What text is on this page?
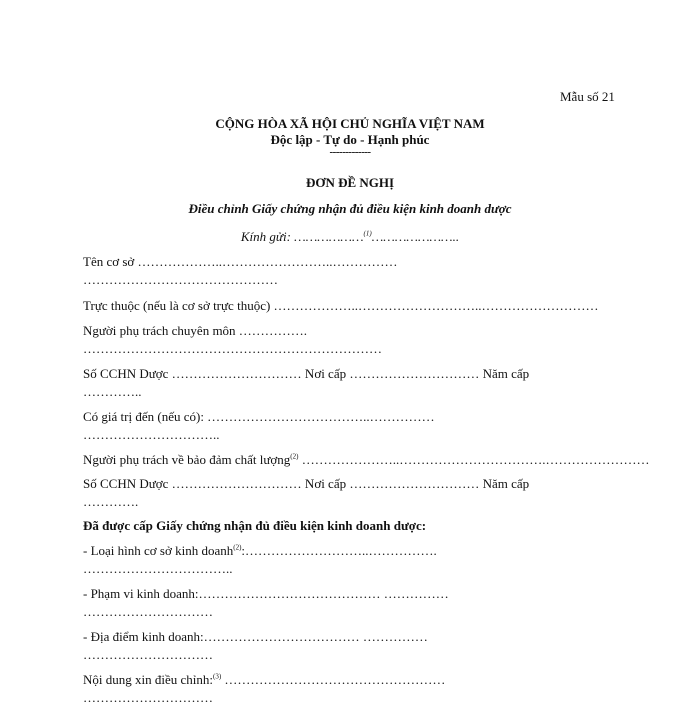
Mẫu số 21
CỘNG HÒA XÃ HỘI CHỦ NGHĨA VIỆT NAM
Độc lập - Tự do - Hạnh phúc
-------------
ĐƠN ĐỀ NGHỊ
Điều chỉnh Giấy chứng nhận đủ điều kiện kinh doanh dược
Kính gửi: ………………$^{(1)}$…………………..
Tên cơ sở ………………..……………………..……………
………………………………………
Trực thuộc (nếu là cơ sở trực thuộc) ………………..………………………..………………………
Người phụ trách chuyên môn …………….
……………………………………………………………
Số CCHN Dược ………………………… Nơi cấp ………………………… Năm cấp
…………..
Có giá trị đến (nếu có): ………………………………..……………
…………………………..
Người phụ trách về bảo đảm chất lượng$^{(2)}$ …………………..…………………………….……………………
Số CCHN Dược ………………………… Nơi cấp ………………………… Năm cấp
………….
Đã được cấp Giấy chứng nhận đủ điều kiện kinh doanh dược:
- Loại hình cơ sở kinh doanh$^{(2)}$:………………………..…………….
……………………………..
- Phạm vi kinh doanh:…………………………………… ……………
…………………………
- Địa điểm kinh doanh:……………………………… ……………
…………………………
Nội dung xin điều chỉnh:$^{(3)}$ ……………………………………………
…………………………
